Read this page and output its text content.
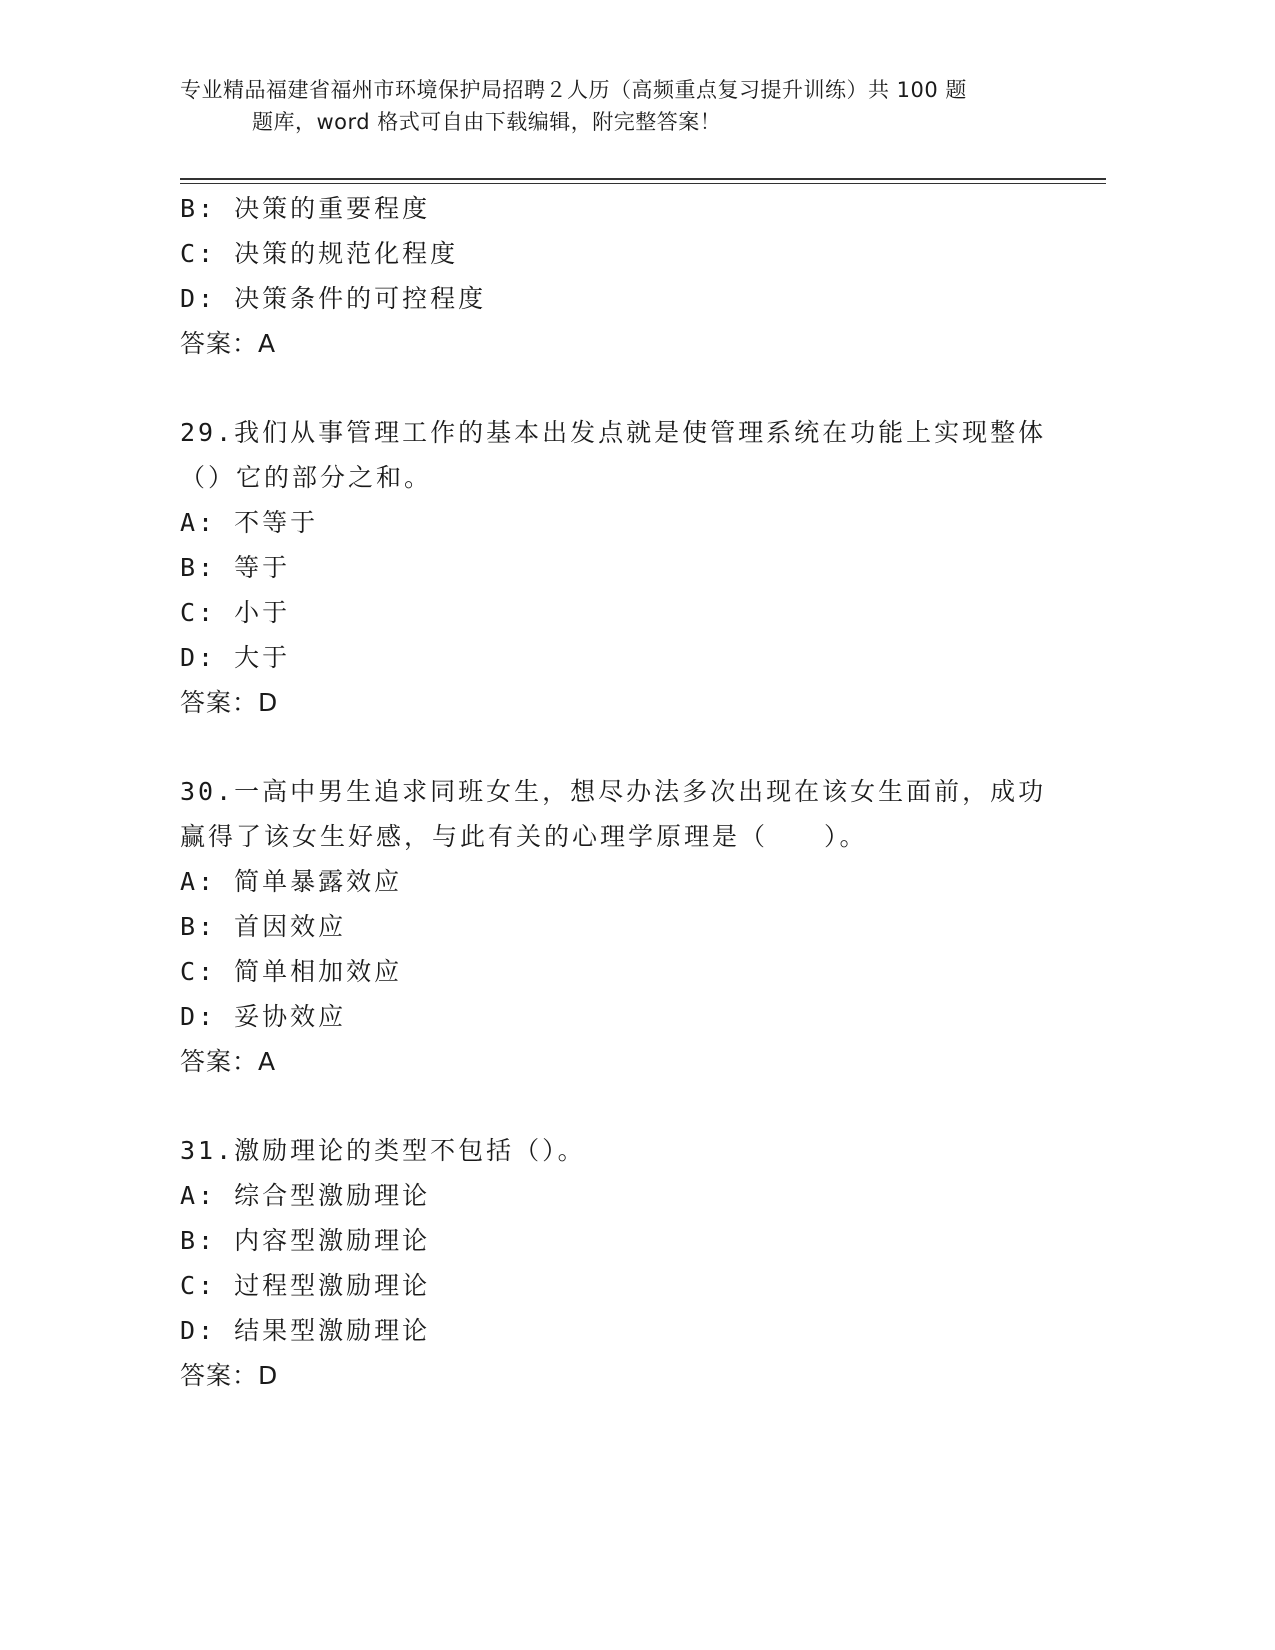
专业精品福建省福州市环境保护局招聘２人历（高频重点复习提升训练）共 100 题
题库，word 格式可自由下载编辑，附完整答案！
B: 决策的重要程度
C: 决策的规范化程度
D: 决策条件的可控程度
答案：A
29.我们从事管理工作的基本出发点就是使管理系统在功能上实现整体
（）它的部分之和。
A: 不等于
B: 等于
C: 小于
D: 大于
答案：D
30.一高中男生追求同班女生，想尽办法多次出现在该女生面前，成功
赢得了该女生好感，与此有关的心理学原理是（　　）。
A: 简单暴露效应
B: 首因效应
C: 简单相加效应
D: 妥协效应
答案：A
31.激励理论的类型不包括（）。
A: 综合型激励理论
B: 内容型激励理论
C: 过程型激励理论
D: 结果型激励理论
答案：D
